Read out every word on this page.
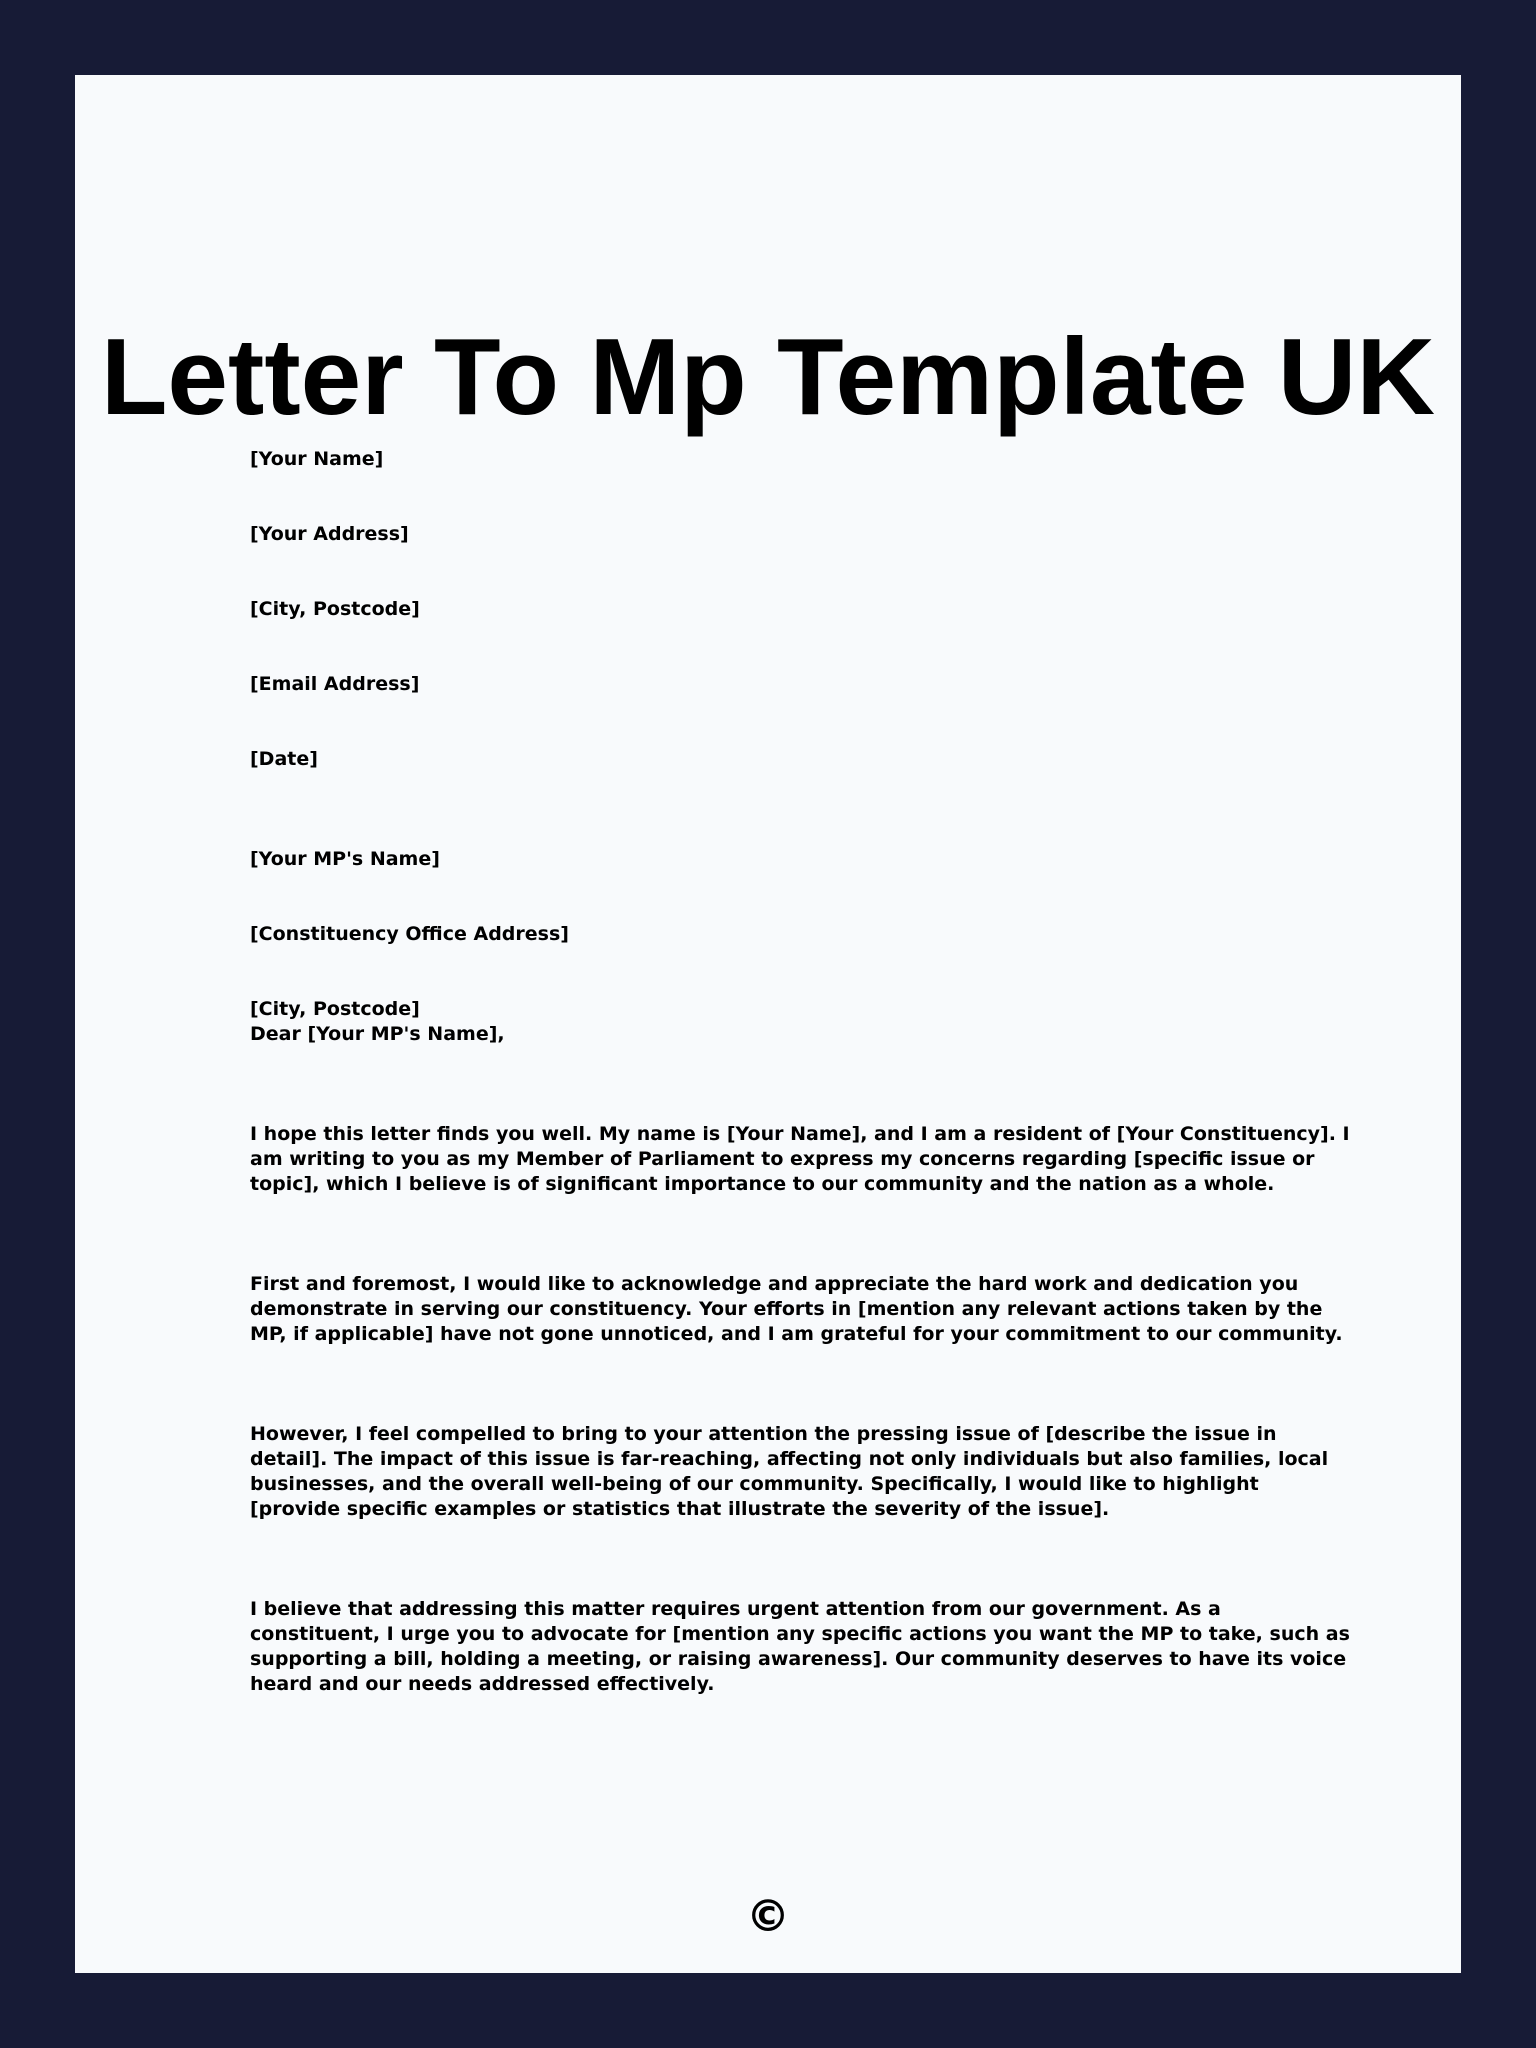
Letter To Mp Template UK

[Your Name]

[Your Address]

[City, Postcode]

[Email Address]

[Date]

[Your MP's Name]

[Constituency Office Address]

[City, Postcode]

Dear [Your MP's Name],

I hope this letter finds you well. My name is [Your Name], and I am a resident of [Your Constituency]. I am writing to you as my Member of Parliament to express my concerns regarding [specific issue or topic], which I believe is of significant importance to our community and the nation as a whole.

First and foremost, I would like to acknowledge and appreciate the hard work and dedication you demonstrate in serving our constituency. Your efforts in [mention any relevant actions taken by the MP, if applicable] have not gone unnoticed, and I am grateful for your commitment to our community.

However, I feel compelled to bring to your attention the pressing issue of [describe the issue in detail]. The impact of this issue is far-reaching, affecting not only individuals but also families, local businesses, and the overall well-being of our community. Specifically, I would like to highlight [provide specific examples or statistics that illustrate the severity of the issue].

I believe that addressing this matter requires urgent attention from our government. As a constituent, I urge you to advocate for [mention any specific actions you want the MP to take, such as supporting a bill, holding a meeting, or raising awareness]. Our community deserves to have its voice heard and our needs addressed effectively.

©
